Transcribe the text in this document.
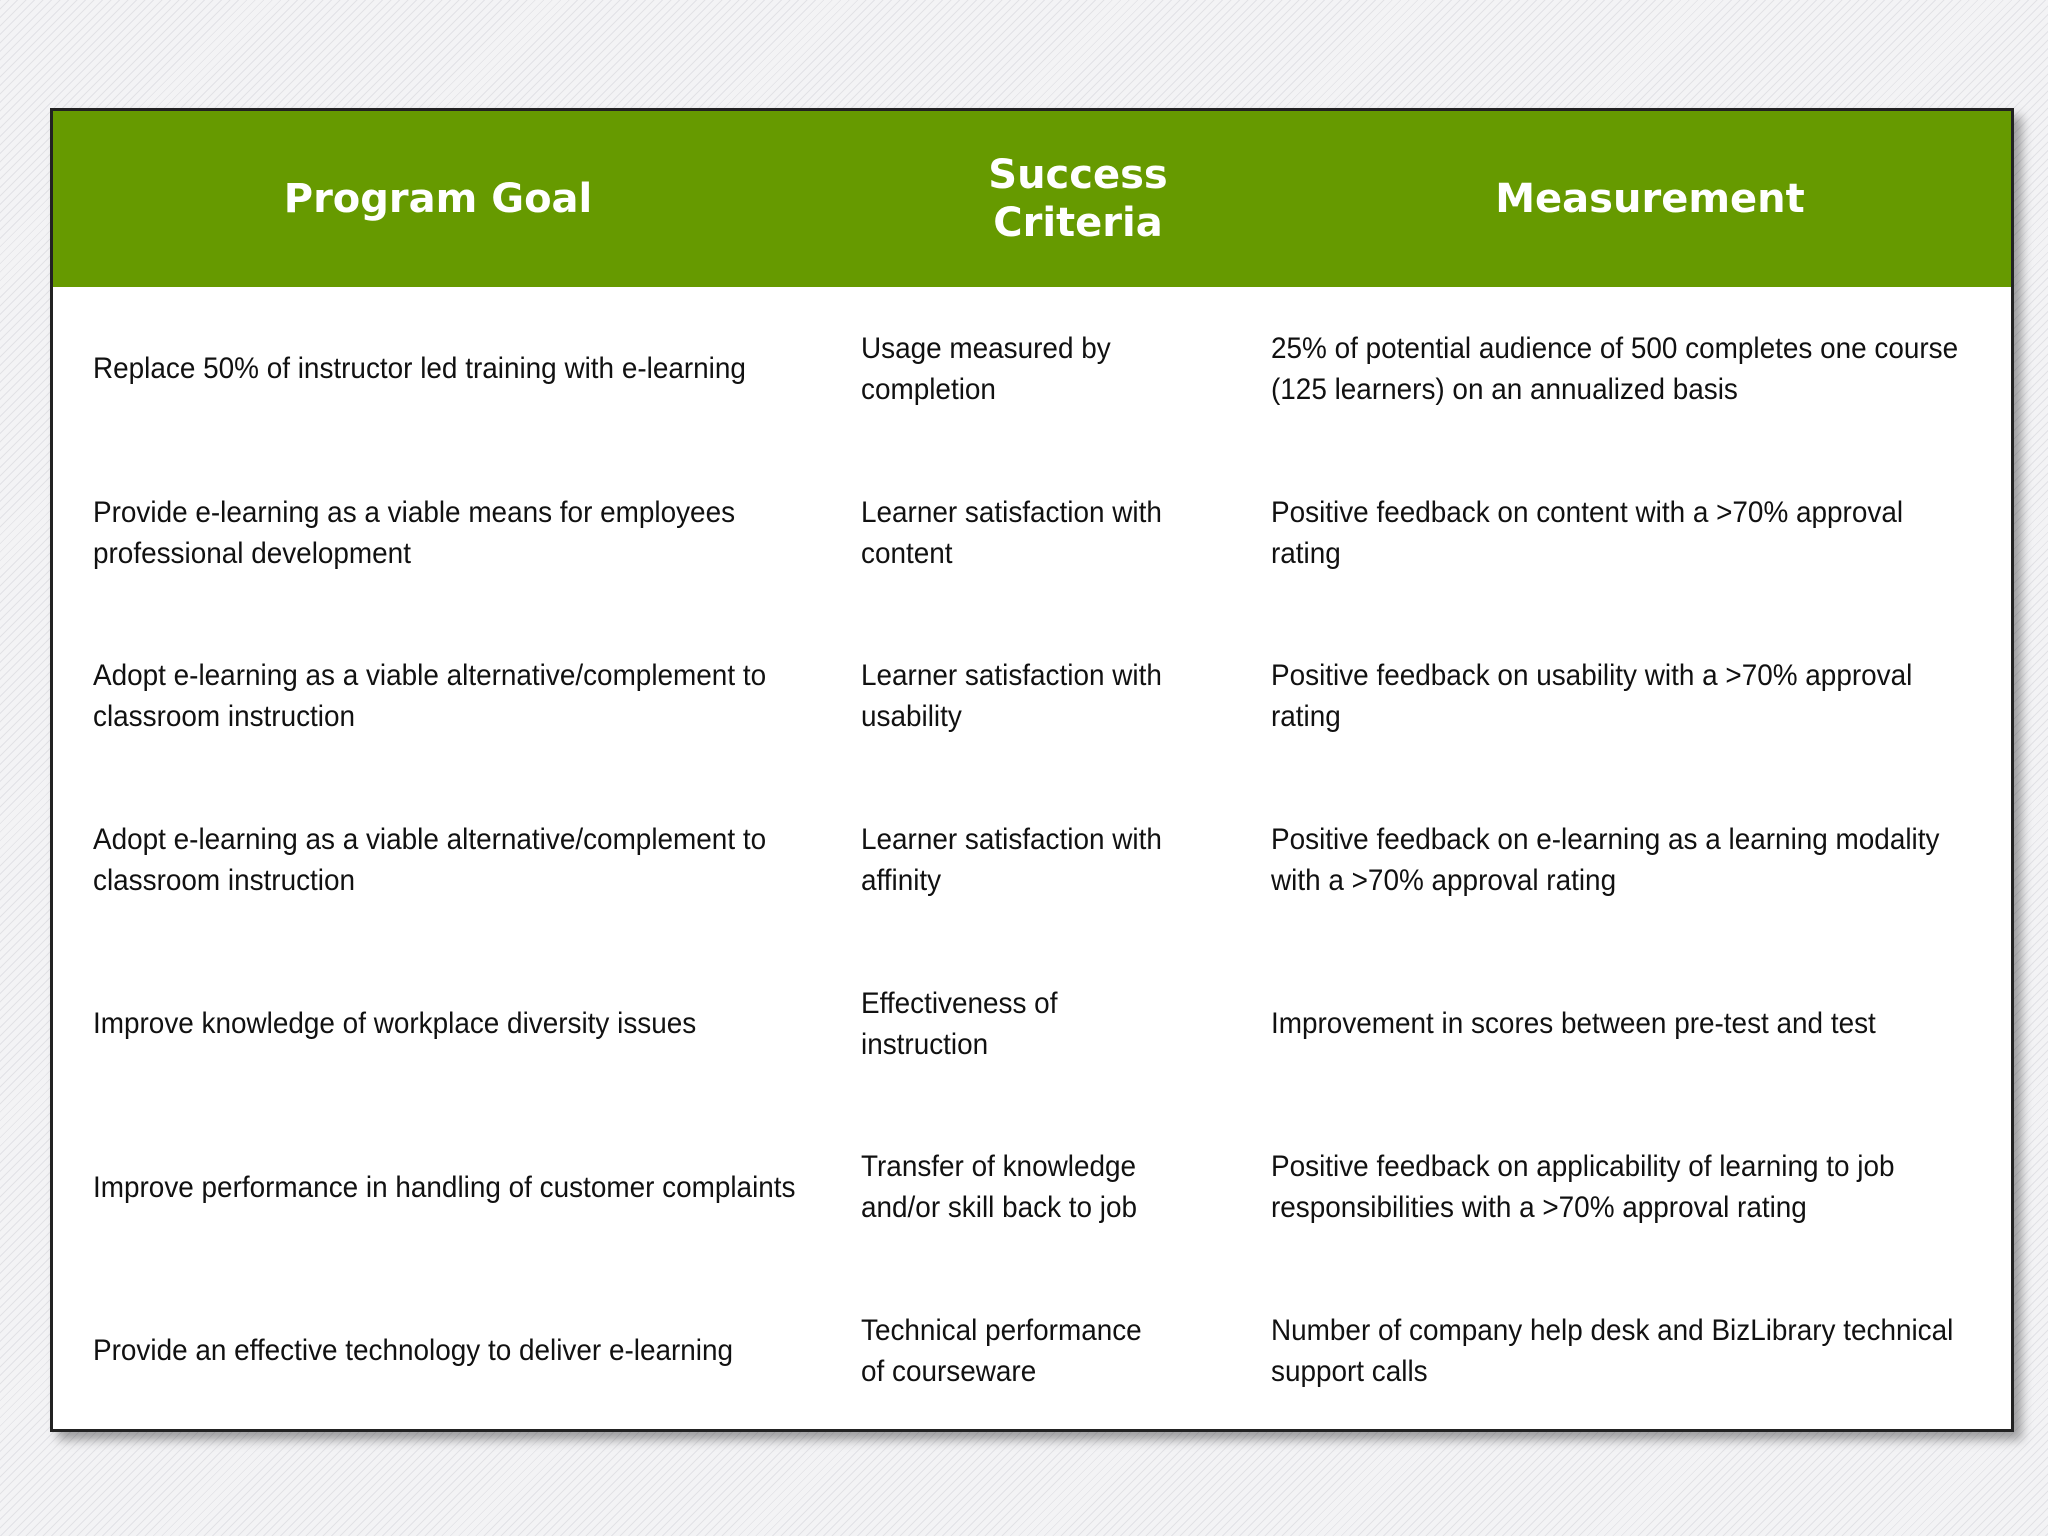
Program Goal
Success
Criteria
Measurement
Replace 50% of instructor led training with e-learning
Usage measured by completion
25% of potential audience of 500 completes one course (125 learners) on an annualized basis
Provide e-learning as a viable means for employees professional development
Learner satisfaction with content
Positive feedback on content with a >70% approval rating
Adopt e-learning as a viable alternative/complement to classroom instruction
Learner satisfaction with usability
Positive feedback on usability with a >70% approval rating
Adopt e-learning as a viable alternative/complement to classroom instruction
Learner satisfaction with affinity
Positive feedback on e-learning as a learning modality with a >70% approval rating
Improve knowledge of workplace diversity issues
Effectiveness of instruction
Improvement in scores between pre-test and test
Improve performance in handling of customer complaints
Transfer of knowledge and/or skill back to job
Positive feedback on applicability of learning to job responsibilities with a >70% approval rating
Provide an effective technology to deliver e-learning
Technical performance of courseware
Number of company help desk and BizLibrary technical support calls
